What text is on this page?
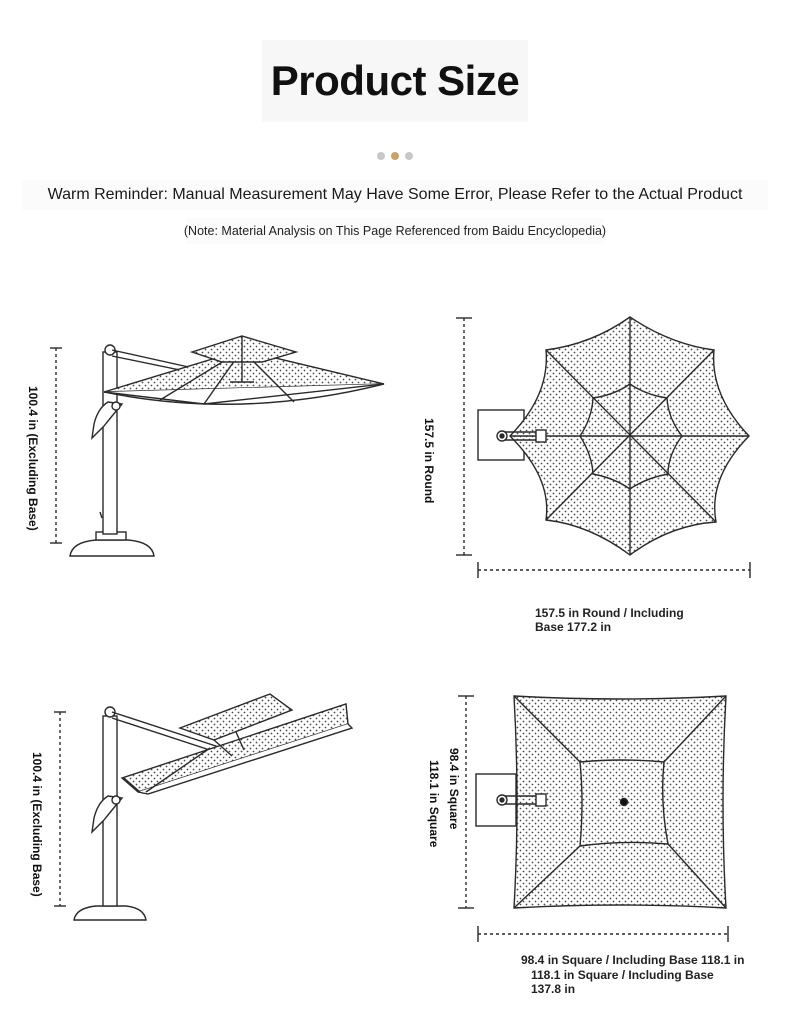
Product Size
Warm Reminder: Manual Measurement May Have Some Error, Please Refer to the Actual Product
(Note: Material Analysis on This Page Referenced from Baidu Encyclopedia)
100.4 in (Excluding Base)	157.5 in Round
157.5 in Round / Including
Base 177.2 in
100.4 in (Excluding Base)	98.4 in Square
118.1 in Square
98.4 in Square / Including Base 118.1 in
118.1 in Square / Including Base
137.8 in
